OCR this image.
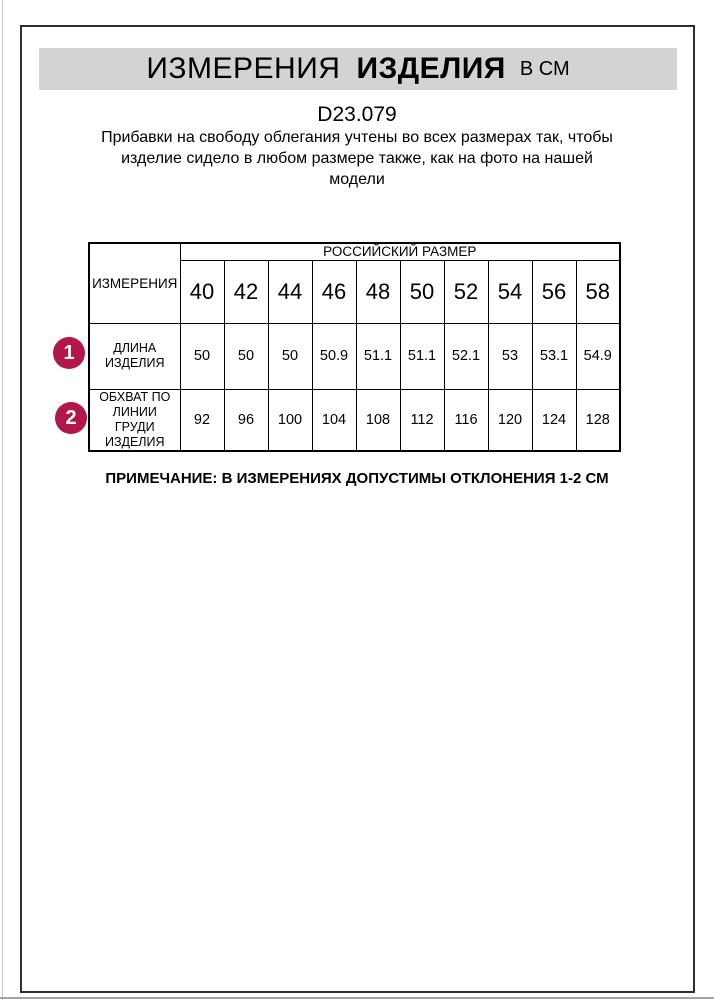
ИЗМЕРЕНИЯ ИЗДЕЛИЯ В СМ
D23.079
Прибавки на свободу облегания учтены во всех размерах так, чтобы
изделие сидело в любом размере также, как на фото на нашей
модели
ИЗМЕРЕНИЯ	РОССИЙСКИЙ РАЗМЕР									
	40	42	44	46	48	50	52	54	56	58

ДЛИНА ИЗДЕЛИЯ	50	50	50	50.9	51.1	51.1	52.1	53	53.1	54.9

ОБХВАТ ПО ЛИНИИ ГРУДИ ИЗДЕЛИЯ	92	96	100	104	108	112	116	120	124	128
1
2
ПРИМЕЧАНИЕ: В ИЗМЕРЕНИЯХ ДОПУСТИМЫ ОТКЛОНЕНИЯ 1-2 СМ
